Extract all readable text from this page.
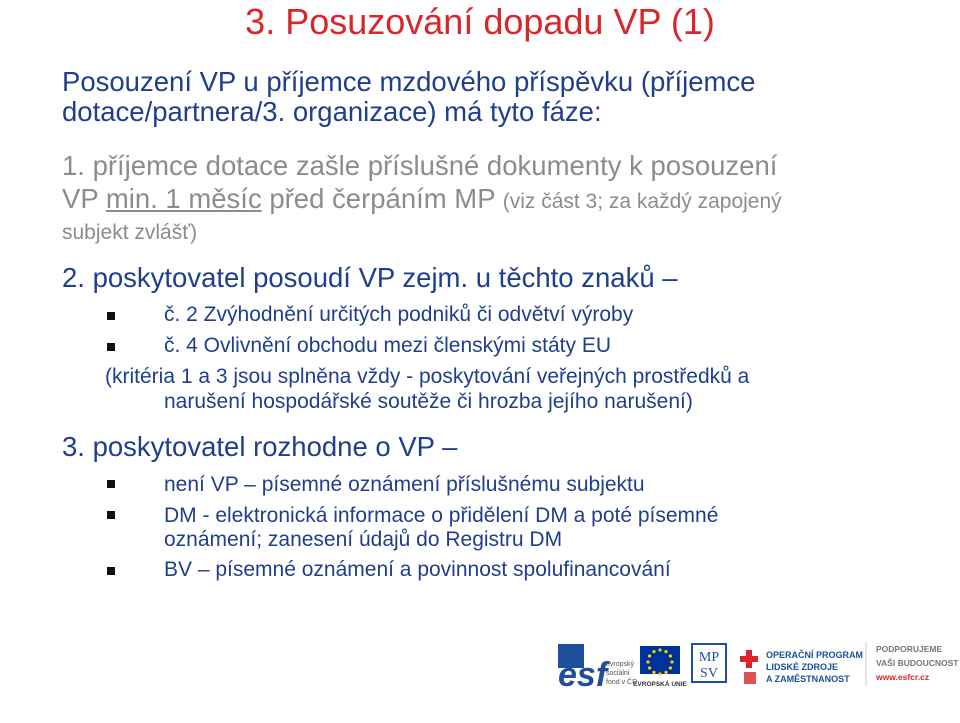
3. Posuzování dopadu VP (1)
Posouzení VP u příjemce mzdového příspěvku (příjemce
dotace/partnera/3. organizace) má tyto fáze:
1. příjemce dotace zašle příslušné dokumenty k posouzení
VP min. 1 měsíc před čerpáním MP (viz část 3; za každý zapojený
subjekt zvlášť)
2. poskytovatel posoudí VP zejm. u těchto znaků –
č. 2 Zvýhodnění určitých podniků či odvětví výroby
č. 4 Ovlivnění obchodu mezi členskými státy EU
(kritéria 1 a 3 jsou splněna vždy - poskytování veřejných prostředků a
narušení hospodářské soutěže či hrozba jejího narušení)
3. poskytovatel rozhodne o VP –
není VP – písemné oznámení příslušnému subjektu
DM - elektronická informace o přidělení DM a poté písemné
oznámení; zanesení údajů do Registru DM
BV – písemné oznámení a povinnost spolufinancování
esf
evropský
sociální
fond v ČR
EVROPSKÁ UNIE
MP
SV
OPERAČNÍ PROGRAM
LIDSKÉ ZDROJE
A ZAMĚSTNANOST
PODPORUJEME
VAŠI BUDOUCNOST
www.esfcr.cz
